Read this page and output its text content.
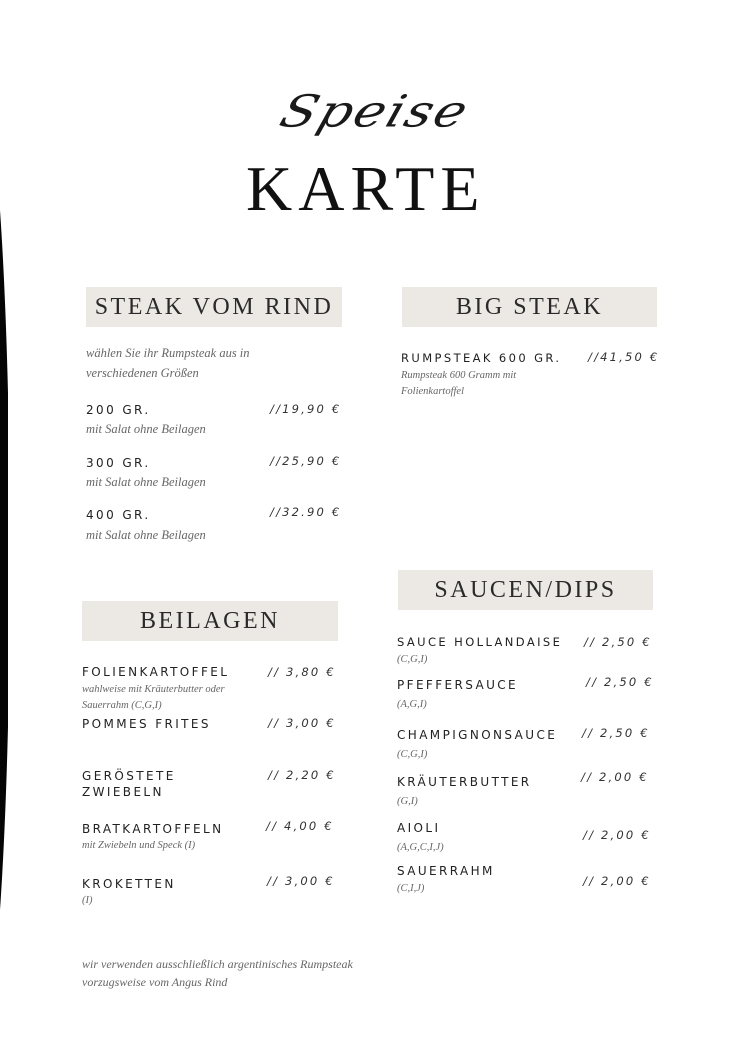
Speise
KARTE
STEAK VOM RIND
wählen Sie ihr Rumpsteak aus in verschiedenen Größen
200 GR.	//19,90 €
mit Salat ohne Beilagen
300 GR.	//25,90 €
mit Salat ohne Beilagen
400 GR.	//32.90 €
mit Salat ohne Beilagen
BIG STEAK
RUMPSTEAK 600 GR. //41,50 €
Rumpsteak 600 Gramm mit Folienkartoffel
BEILAGEN
FOLIENKARTOFFEL	// 3,80 €
wahlweise mit Kräuterbutter oder Sauerrahm (C,G,I)
POMMES FRITES	// 3,00 €
GERÖSTETE ZWIEBELN
// 2,20 €
BRATKARTOFFELN	// 4,00 €
mit Zwiebeln und Speck (I)
KROKETTEN	// 3,00 €
(I)
SAUCEN/DIPS
SAUCE HOLLANDAISE // 2,50 €
(C,G,I)
PFEFFERSAUCE	// 2,50 €
(A,G,I)
CHAMPIGNONSAUCE // 2,50 €
(C,G,I)
KRÄUTERBUTTER	// 2,00 €
(G,I)
AIOLI	// 2,00 €
(A,G,C,I,J)
SAUERRAHM
// 2,00 €
(C,I,J)
wir verwenden ausschließlich argentinisches Rumpsteak
vorzugsweise vom Angus Rind
